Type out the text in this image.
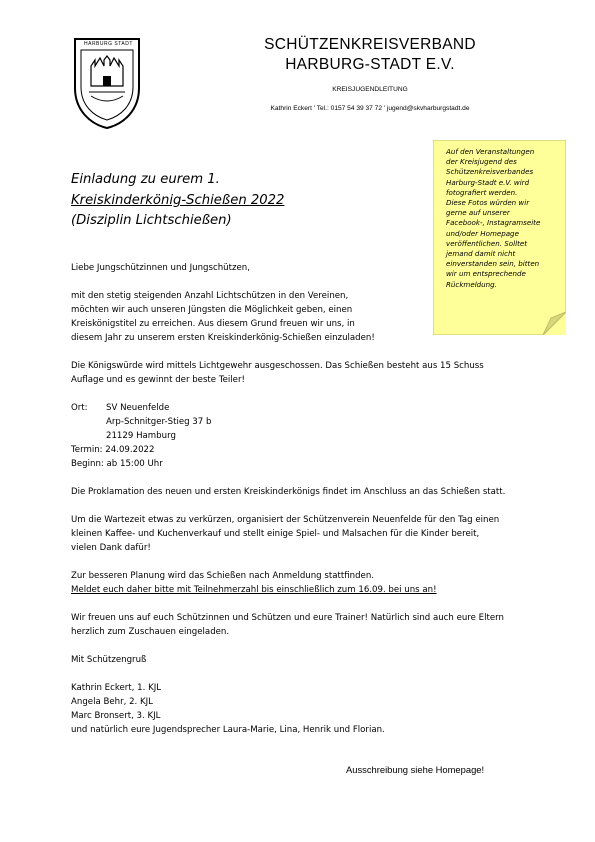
HARBURG STADT	SCHÜTZENKREISVERBAND
HARBURG-STADT E.V.
KREISJUGENDLEITUNG
Kathrin Eckert ' Tel.: 0157 54 39 37 72 ' jugend@skvharburgstadt.de
Einladung zu eurem 1.
Kreiskinderkönig-Schießen 2022
(Disziplin Lichtschießen)
Auf den Veranstaltungen
der Kreisjugend des
Schützenkreisverbandes
Harburg-Stadt e.V. wird
fotografiert werden.
Diese Fotos würden wir
gerne auf unserer
Facebook-, Instagramseite
und/oder Homepage
veröffentlichen. Solltet
jemand damit nicht
einverstanden sein, bitten
wir um entsprechende
Rückmeldung.
Liebe Jungschützinnen und Jungschützen,
mit den stetig steigenden Anzahl Lichtschützen in den Vereinen,
möchten wir auch unseren Jüngsten die Möglichkeit geben, einen
Kreiskönigstitel zu erreichen. Aus diesem Grund freuen wir uns, in
diesem Jahr zu unserem ersten Kreiskinderkönig-Schießen einzuladen!
Die Königswürde wird mittels Lichtgewehr ausgeschossen. Das Schießen besteht aus 15 Schuss
Auflage und es gewinnt der beste Teiler!
Ort: SV Neuenfelde
Arp-Schnitger-Stieg 37 b
21129 Hamburg
Termin: 24.09.2022
Beginn: ab 15:00 Uhr
Die Proklamation des neuen und ersten Kreiskinderkönigs findet im Anschluss an das Schießen statt.
Um die Wartezeit etwas zu verkürzen, organisiert der Schützenverein Neuenfelde für den Tag einen
kleinen Kaffee- und Kuchenverkauf und stellt einige Spiel- und Malsachen für die Kinder bereit,
vielen Dank dafür!
Zur besseren Planung wird das Schießen nach Anmeldung stattfinden.
Meldet euch daher bitte mit Teilnehmerzahl bis einschließlich zum 16.09. bei uns an!
Wir freuen uns auf euch Schützinnen und Schützen und eure Trainer! Natürlich sind auch eure Eltern
herzlich zum Zuschauen eingeladen.
Mit Schützengruß
Kathrin Eckert, 1. KJL
Angela Behr, 2. KJL
Marc Bronsert, 3. KJL
und natürlich eure Jugendsprecher Laura-Marie, Lina, Henrik und Florian.
Ausschreibung siehe Homepage!
